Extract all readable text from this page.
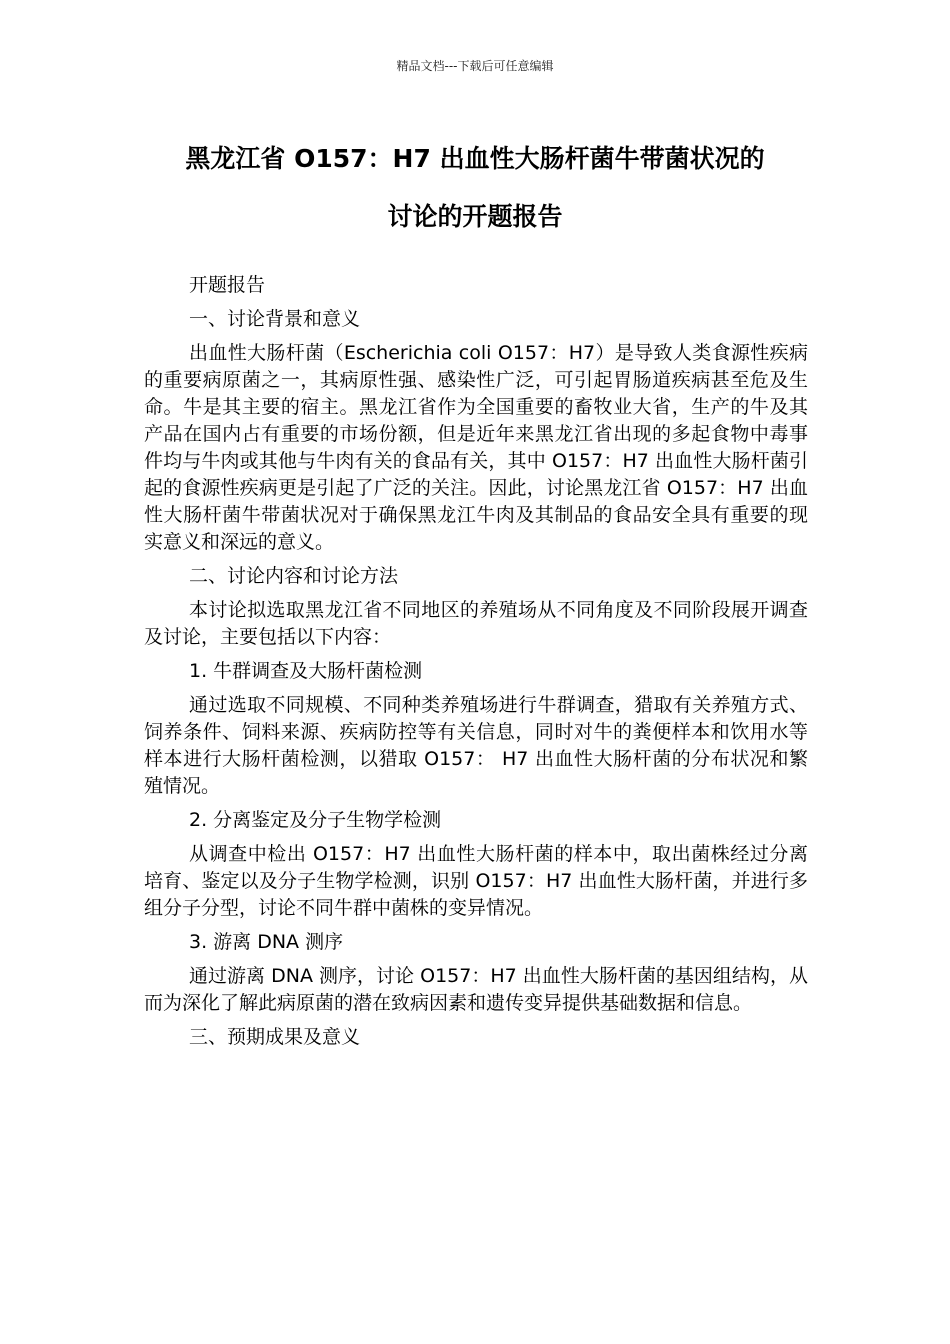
精品文档---下载后可任意编辑
黑龙江省 O157：H7 出血性大肠杆菌牛带菌状况的
讨论的开题报告

开题报告

一、讨论背景和意义

出血性大肠杆菌（Escherichia coli O157：H7）是导致人类食源性疾病的重要病原菌之一，其病原性强、感染性广泛，可引起胃肠道疾病甚至危及生命。牛是其主要的宿主。黑龙江省作为全国重要的畜牧业大省，生产的牛及其产品在国内占有重要的市场份额，但是近年来黑龙江省出现的多起食物中毒事件均与牛肉或其他与牛肉有关的食品有关，其中 O157：H7 出血性大肠杆菌引起的食源性疾病更是引起了广泛的关注。因此，讨论黑龙江省 O157：H7 出血性大肠杆菌牛带菌状况对于确保黑龙江牛肉及其制品的食品安全具有重要的现实意义和深远的意义。

二、讨论内容和讨论方法

本讨论拟选取黑龙江省不同地区的养殖场从不同角度及不同阶段展开调查及讨论，主要包括以下内容：

1. 牛群调查及大肠杆菌检测

通过选取不同规模、不同种类养殖场进行牛群调查，猎取有关养殖方式、饲养条件、饲料来源、疾病防控等有关信息，同时对牛的粪便样本和饮用水等样本进行大肠杆菌检测，以猎取 O157： H7 出血性大肠杆菌的分布状况和繁殖情况。

2. 分离鉴定及分子生物学检测

从调查中检出 O157：H7 出血性大肠杆菌的样本中，取出菌株经过分离培育、鉴定以及分子生物学检测，识别 O157：H7 出血性大肠杆菌，并进行多组分子分型，讨论不同牛群中菌株的变异情况。

3. 游离 DNA 测序

通过游离 DNA 测序，讨论 O157：H7 出血性大肠杆菌的基因组结构，从而为深化了解此病原菌的潜在致病因素和遗传变异提供基础数据和信息。

三、预期成果及意义
